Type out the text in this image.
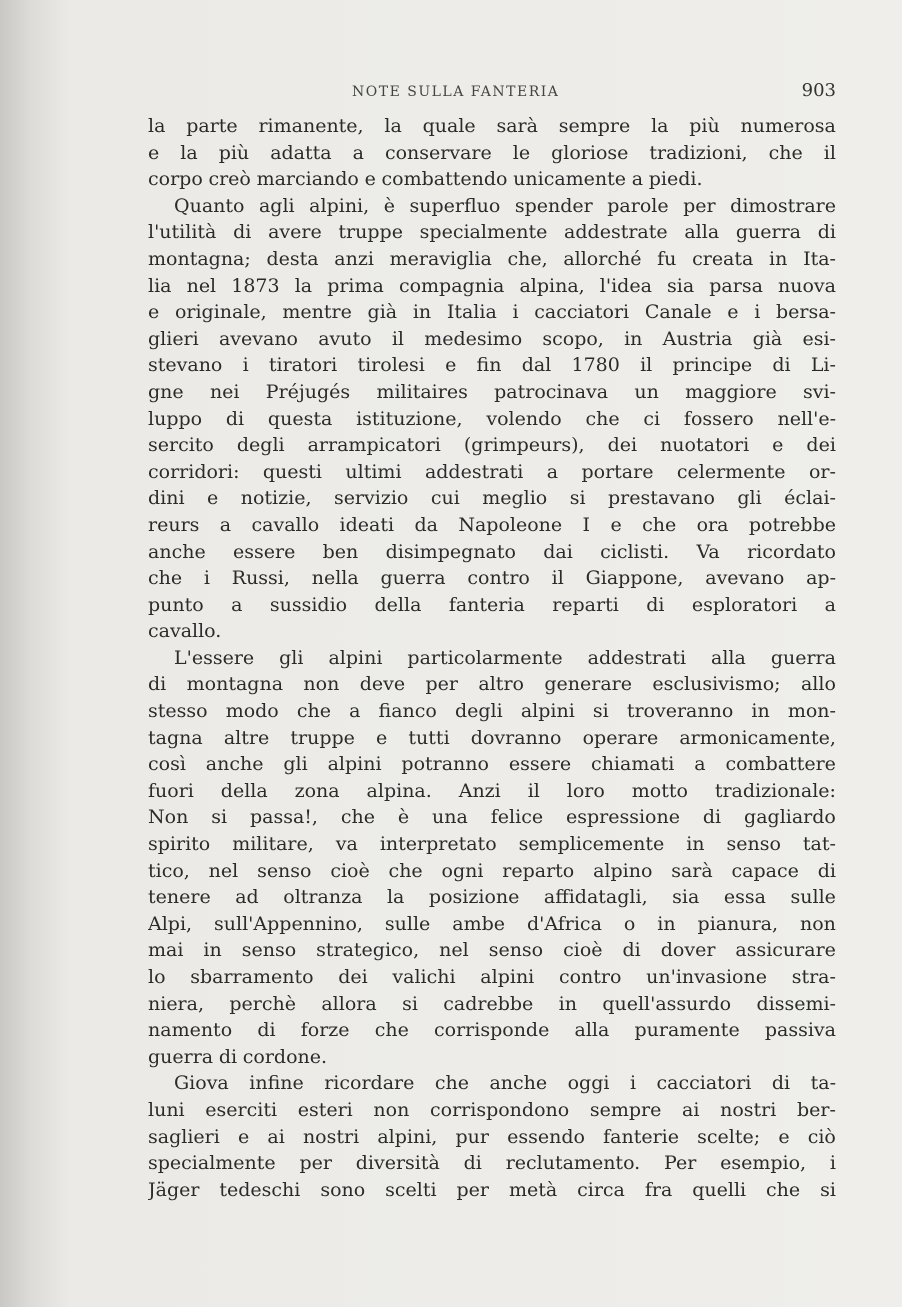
NOTE SULLA FANTERIA	903
la parte rimanente, la quale sarà sempre la più numerosa
e la più adatta a conservare le gloriose tradizioni, che il
corpo creò marciando e combattendo unicamente a piedi.
Quanto agli alpini, è superfluo spender parole per dimostrare
l'utilità di avere truppe specialmente addestrate alla guerra di
montagna; desta anzi meraviglia che, allorché fu creata in Ita-
lia nel 1873 la prima compagnia alpina, l'idea sia parsa nuova
e originale, mentre già in Italia i cacciatori Canale e i bersa-
glieri avevano avuto il medesimo scopo, in Austria già esi-
stevano i tiratori tirolesi e fin dal 1780 il principe di Li-
gne nei Préjugés militaires patrocinava un maggiore svi-
luppo di questa istituzione, volendo che ci fossero nell'e-
sercito degli arrampicatori (grimpeurs), dei nuotatori e dei
corridori: questi ultimi addestrati a portare celermente or-
dini e notizie, servizio cui meglio si prestavano gli éclai-
reurs a cavallo ideati da Napoleone I e che ora potrebbe
anche essere ben disimpegnato dai ciclisti. Va ricordato
che i Russi, nella guerra contro il Giappone, avevano ap-
punto a sussidio della fanteria reparti di esploratori a
cavallo.
L'essere gli alpini particolarmente addestrati alla guerra
di montagna non deve per altro generare esclusivismo; allo
stesso modo che a fianco degli alpini si troveranno in mon-
tagna altre truppe e tutti dovranno operare armonicamente,
così anche gli alpini potranno essere chiamati a combattere
fuori della zona alpina. Anzi il loro motto tradizionale:
Non si passa!, che è una felice espressione di gagliardo
spirito militare, va interpretato semplicemente in senso tat-
tico, nel senso cioè che ogni reparto alpino sarà capace di
tenere ad oltranza la posizione affidatagli, sia essa sulle
Alpi, sull'Appennino, sulle ambe d'Africa o in pianura, non
mai in senso strategico, nel senso cioè di dover assicurare
lo sbarramento dei valichi alpini contro un'invasione stra-
niera, perchè allora si cadrebbe in quell'assurdo dissemi-
namento di forze che corrisponde alla puramente passiva
guerra di cordone.
Giova infine ricordare che anche oggi i cacciatori di ta-
luni eserciti esteri non corrispondono sempre ai nostri ber-
saglieri e ai nostri alpini, pur essendo fanterie scelte; e ciò
specialmente per diversità di reclutamento. Per esempio, i
Jäger tedeschi sono scelti per metà circa fra quelli che si
